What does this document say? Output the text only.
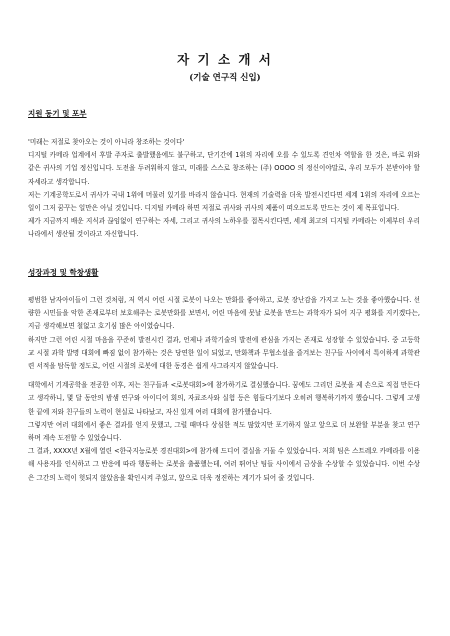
자 기 소 개 서
(기술 연구직 신입)
지원 동기 및 포부

'미래는 저절로 찾아오는 것이 아니라 창조하는 것이다'

디지털 카메라 업계에서 후발 주자로 출발했음에도 불구하고, 단기간에 1위의 자리에 오를 수 있도록 견인차 역할을 한 것은, 바로 위와 같은 귀사의 기업 정신입니다. 도전을 두려워하지 않고, 미래를 스스로 창조하는 (주) OOOO 의 정신이야말로, 우리 모두가 본받아야 할 자세라고 생각합니다.

저는 기계공학도로서 귀사가 국내 1위에 머물러 있기를 바라지 않습니다. 현재의 기술력을 더욱 발전시킨다면 세계 1위의 자리에 오르는 일이 그저 꿈꾸는 일만은 아닐 것입니다. 디지털 카메라 하면 저절로 귀사와 귀사의 제품이 떠오르도록 만드는 것이 제 목표입니다.

제가 지금까지 배운 지식과 끊임없이 연구하는 자세, 그리고 귀사의 노하우를 접목시킨다면, 세계 최고의 디지털 카메라는 이제부터 우리나라에서 생산될 것이라고 자신합니다.

성장과정 및 학창생활

평범한 남자아이들이 그런 것처럼, 저 역시 어린 시절 로봇이 나오는 만화를 좋아하고, 로봇 장난감을 가지고 노는 것을 좋아했습니다. 선량한 시민들을 악한 존재로부터 보호해주는 로봇만화를 보면서, 어린 마음에 못날 로봇을 만드는 과학자가 되어 지구 평화를 지키겠다는, 지금 생각해보면 철없고 호기심 많은 아이였습니다.

하지만 그런 어린 시절 마음을 꾸준히 발전시킨 결과, 언제나 과학기술의 발전에 관심을 가지는 존재로 성장할 수 있었습니다. 중 고등학교 시절 과학 발명 대회에 빠짐 없이 참가하는 것은 당연한 일이 되었고, 만화책과 무협소설을 즐겨보는 친구들 사이에서 특이하게 과학관련 서적을 탐독할 정도로, 어린 시절의 로봇에 대한 동경은 쉽게 사그라지지 않았습니다.

대학에서 기계공학을 전공한 이후, 저는 친구들과 <로봇대회>에 참가하기로 결심했습니다. 꿈에도 그리던 로봇을 제 손으로 직접 만든다고 생각하니, 몇 달 동안의 밤샘 연구와 아이디어 회의, 자료조사와 실험 등은 힘들다기보다 오히려 행복하기까지 했습니다. 그렇게 고생한 끝에 저와 친구들의 노력이 현실로 나타났고, 자신 있게 여러 대회에 참가했습니다.

그렇지만 여러 대회에서 좋은 결과를 얻지 못했고, 그럴 때마다 상심한 적도 많았지만 포기하지 않고 앞으로 더 보완할 부분을 찾고 연구하며 계속 도전할 수 있었습니다.

그 결과, XXXX년 X월에 열린 <한국지능로봇 경진대회>에 참가해 드디어 결실을 거둘 수 있었습니다. 저희 팀은 스트레오 카메라를 이용해 사용자를 인식하고 그 반응에 따라 행동하는 로봇을 출품했는데, 여러 뛰어난 팀들 사이에서 금상을 수상할 수 있었습니다. 이번 수상은 그간의 노력이 헛되지 않았음을 확인시켜 주었고, 앞으로 더욱 정진하는 계기가 되어 줄 것입니다.
